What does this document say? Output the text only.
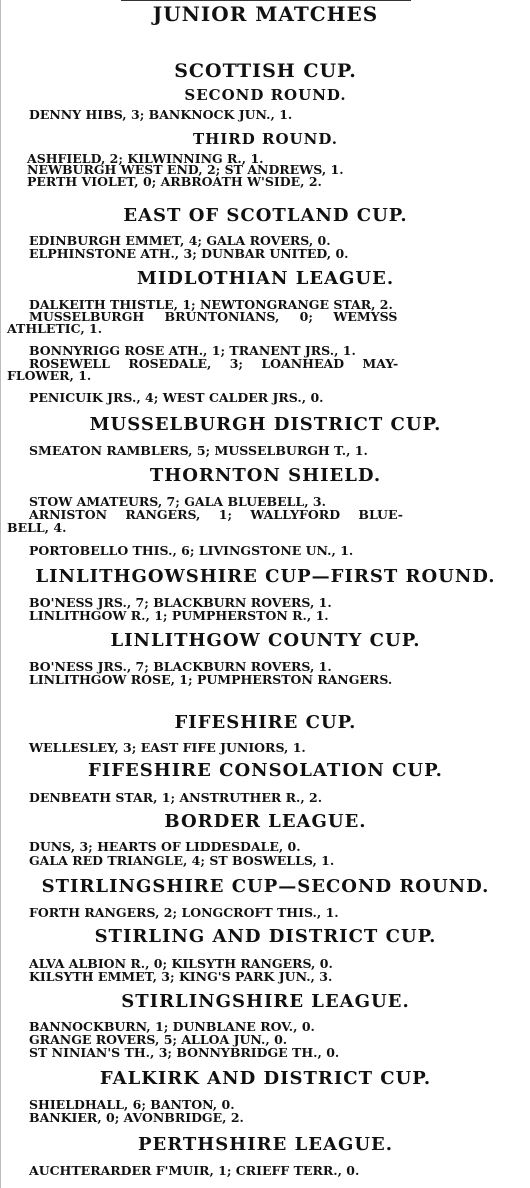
JUNIOR MATCHES
SCOTTISH CUP.
SECOND ROUND.
DENNY HIBS, 3; BANKNOCK JUN., 1.
THIRD ROUND.
ASHFIELD, 2; KILWINNING R., 1.
NEWBURGH WEST END, 2; ST ANDREWS, 1.
PERTH VIOLET, 0; ARBROATH W'SIDE, 2.
EAST OF SCOTLAND CUP.
EDINBURGH EMMET, 4; GALA ROVERS, 0.
ELPHINSTONE ATH., 3; DUNBAR UNITED, 0.
MIDLOTHIAN LEAGUE.
DALKEITH THISTLE, 1; NEWTONGRANGE STAR, 2.
MUSSELBURGH BRUNTONIANS, 0; WEMYSS
ATHLETIC, 1.
BONNYRIGG ROSE ATH., 1; TRANENT JRS., 1.
ROSEWELL ROSEDALE, 3; LOANHEAD MAY-
FLOWER, 1.
PENICUIK JRS., 4; WEST CALDER JRS., 0.
MUSSELBURGH DISTRICT CUP.
SMEATON RAMBLERS, 5; MUSSELBURGH T., 1.
THORNTON SHIELD.
STOW AMATEURS, 7; GALA BLUEBELL, 3.
ARNISTON RANGERS, 1; WALLYFORD BLUE-
BELL, 4.
PORTOBELLO THIS., 6; LIVINGSTONE UN., 1.
LINLITHGOWSHIRE CUP—FIRST ROUND.
BO'NESS JRS., 7; BLACKBURN ROVERS, 1.
LINLITHGOW R., 1; PUMPHERSTON R., 1.
LINLITHGOW COUNTY CUP.
BO'NESS JRS., 7; BLACKBURN ROVERS, 1.
LINLITHGOW ROSE, 1; PUMPHERSTON RANGERS.
FIFESHIRE CUP.
WELLESLEY, 3; EAST FIFE JUNIORS, 1.
FIFESHIRE CONSOLATION CUP.
DENBEATH STAR, 1; ANSTRUTHER R., 2.
BORDER LEAGUE.
DUNS, 3; HEARTS OF LIDDESDALE, 0.
GALA RED TRIANGLE, 4; ST BOSWELLS, 1.
STIRLINGSHIRE CUP—SECOND ROUND.
FORTH RANGERS, 2; LONGCROFT THIS., 1.
STIRLING AND DISTRICT CUP.
ALVA ALBION R., 0; KILSYTH RANGERS, 0.
KILSYTH EMMET, 3; KING'S PARK JUN., 3.
STIRLINGSHIRE LEAGUE.
BANNOCKBURN, 1; DUNBLANE ROV., 0.
GRANGE ROVERS, 5; ALLOA JUN., 0.
ST NINIAN'S TH., 3; BONNYBRIDGE TH., 0.
FALKIRK AND DISTRICT CUP.
SHIELDHALL, 6; BANTON, 0.
BANKIER, 0; AVONBRIDGE, 2.
PERTHSHIRE LEAGUE.
AUCHTERARDER F'MUIR, 1; CRIEFF TERR., 0.
